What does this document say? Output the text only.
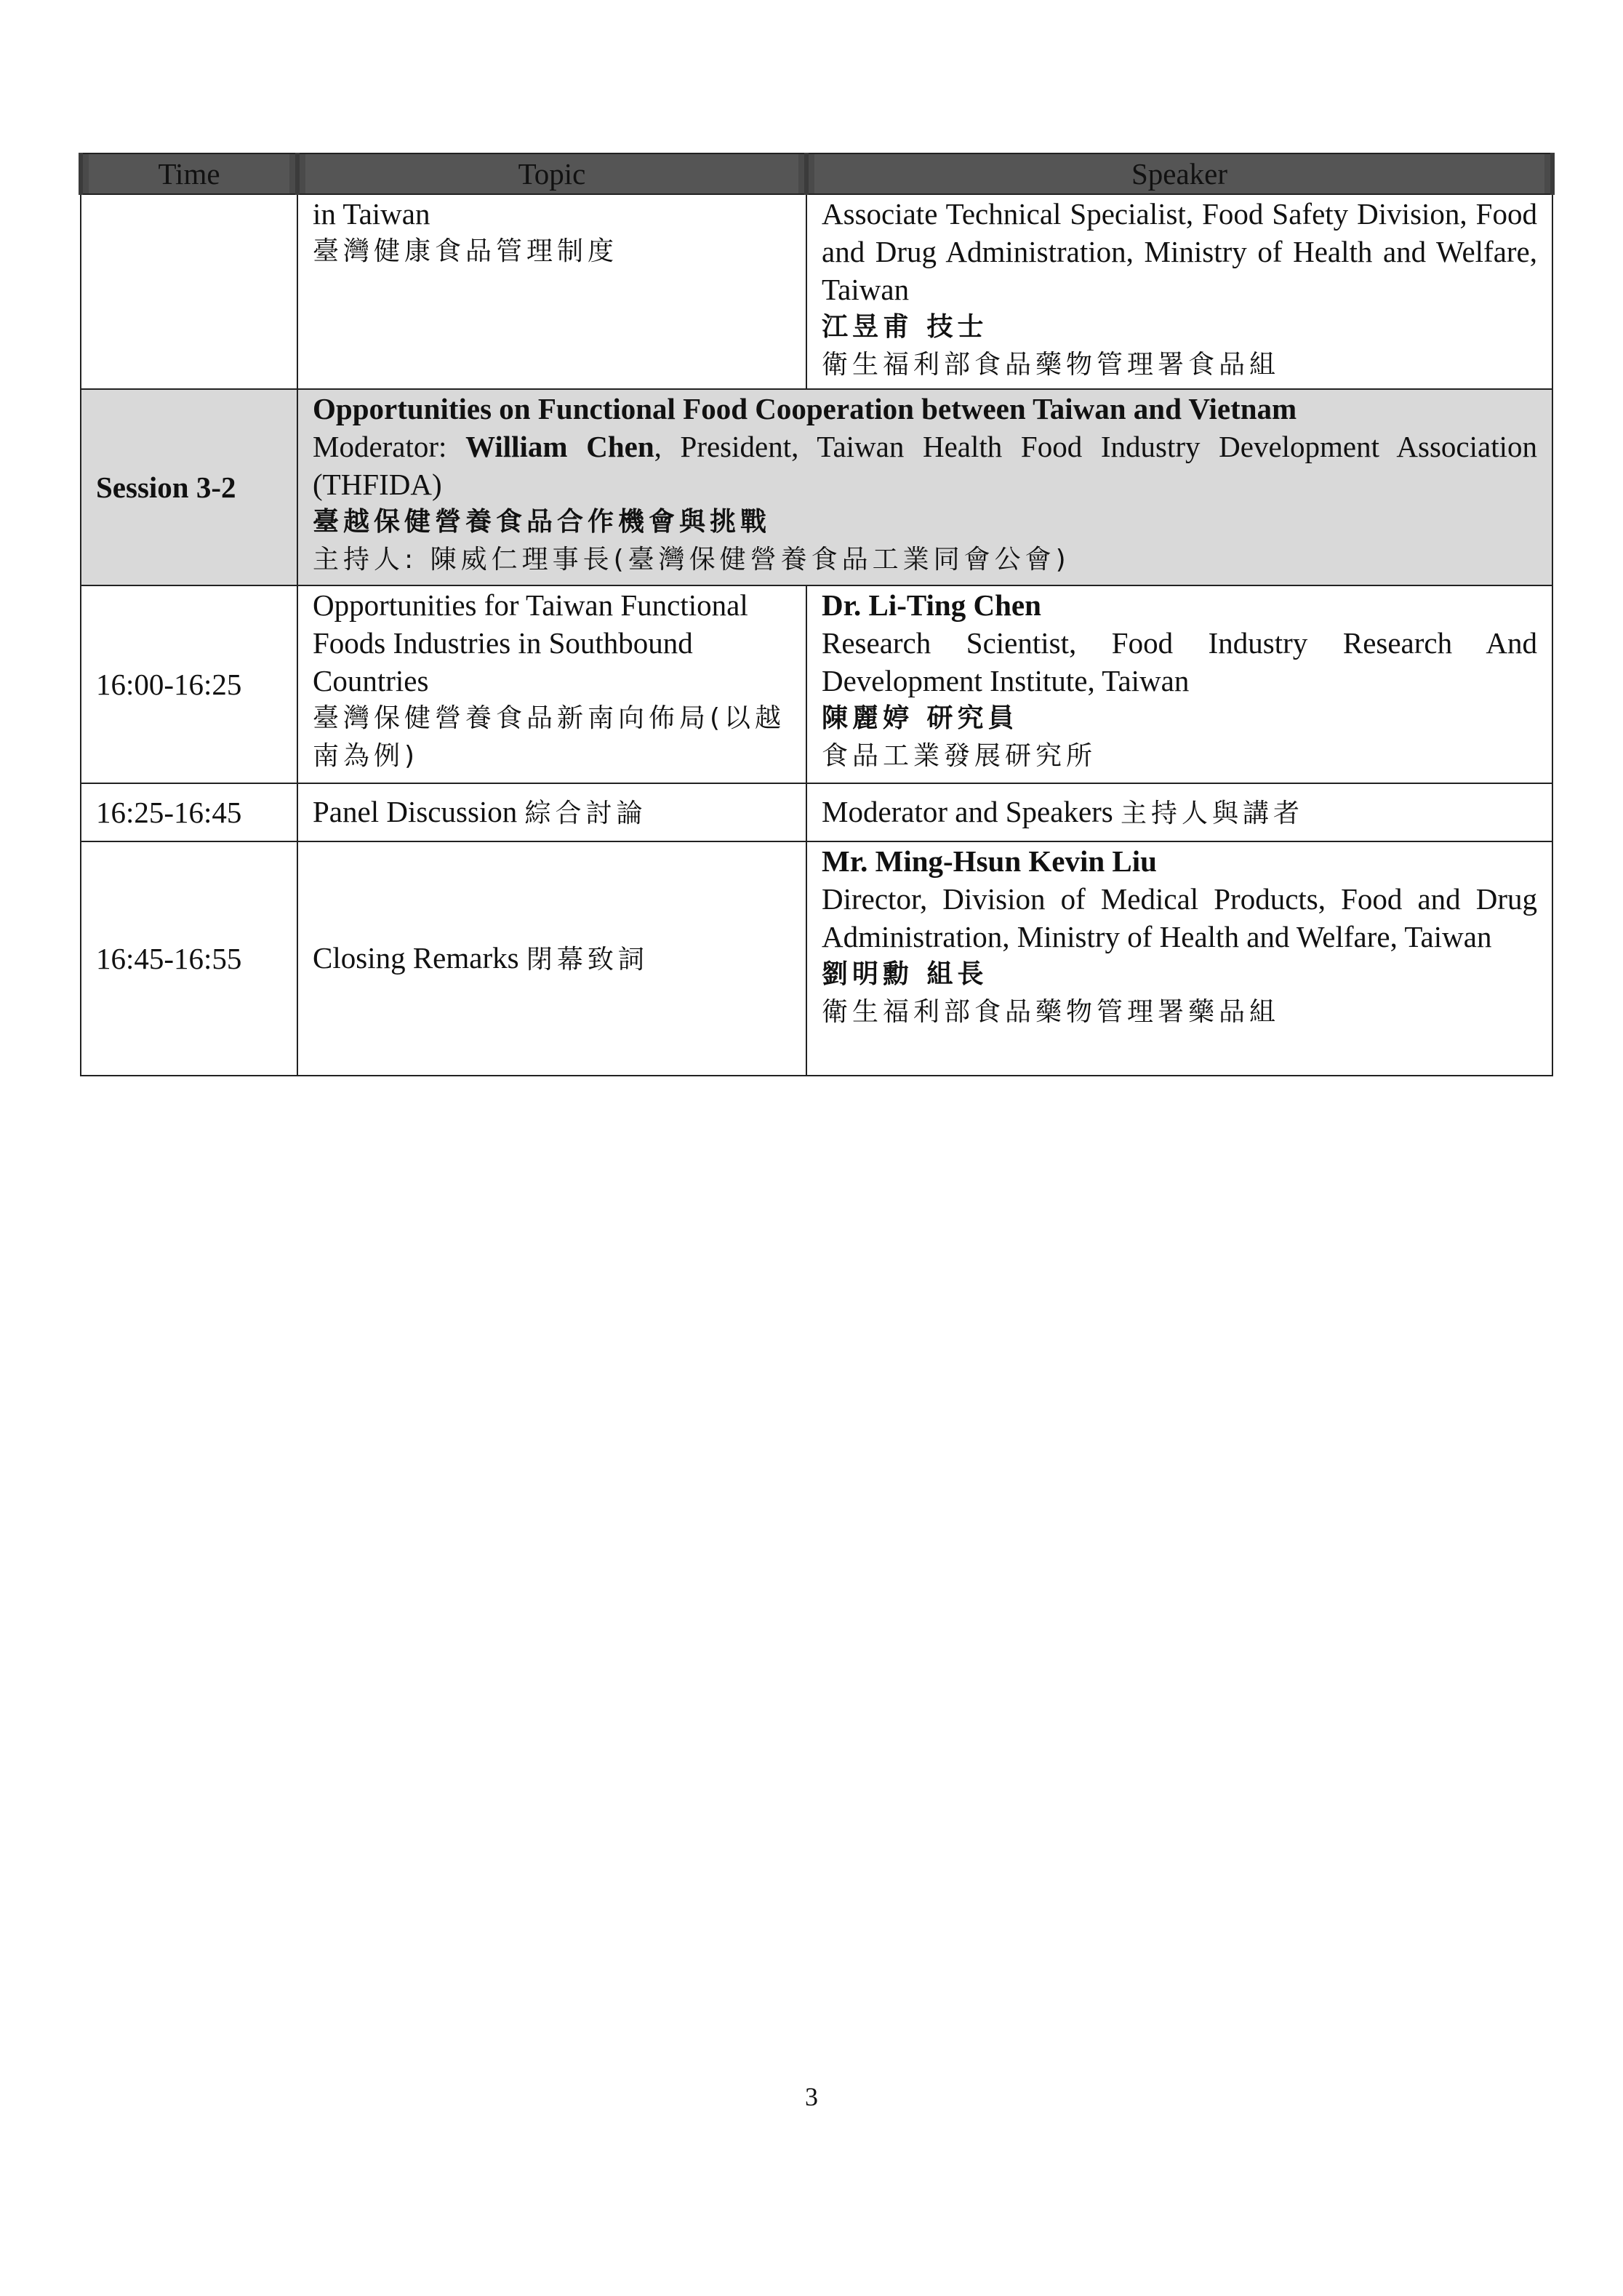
Time	Topic	Speaker

	in Taiwan
臺灣健康食品管理制度	Associate Technical Specialist, Food Safety Division, Food and Drug Administration, Ministry of Health and Welfare, Taiwan
江昱甫 技士
衛生福利部食品藥物管理署食品組

Session 3-2	Opportunities on Functional Food Cooperation between Taiwan and Vietnam
Moderator: William Chen, President, Taiwan Health Food Industry Development Association (THFIDA)
臺越保健營養食品合作機會與挑戰
主持人: 陳威仁理事長(臺灣保健營養食品工業同會公會)	

16:00-16:25	Opportunities for Taiwan Functional Foods Industries in Southbound Countries
臺灣保健營養食品新南向佈局(以越南為例)	Dr. Li-Ting Chen
Research Scientist, Food Industry Research And Development Institute, Taiwan
陳麗婷 研究員
食品工業發展研究所

16:25-16:45	Panel Discussion 綜合討論	Moderator and Speakers 主持人與講者
16:45-16:55	Closing Remarks 閉幕致詞	Mr. Ming-Hsun Kevin Liu
Director, Division of Medical Products, Food and Drug Administration, Ministry of Health and Welfare, Taiwan
劉明勳 組長
衛生福利部食品藥物管理署藥品組
3
